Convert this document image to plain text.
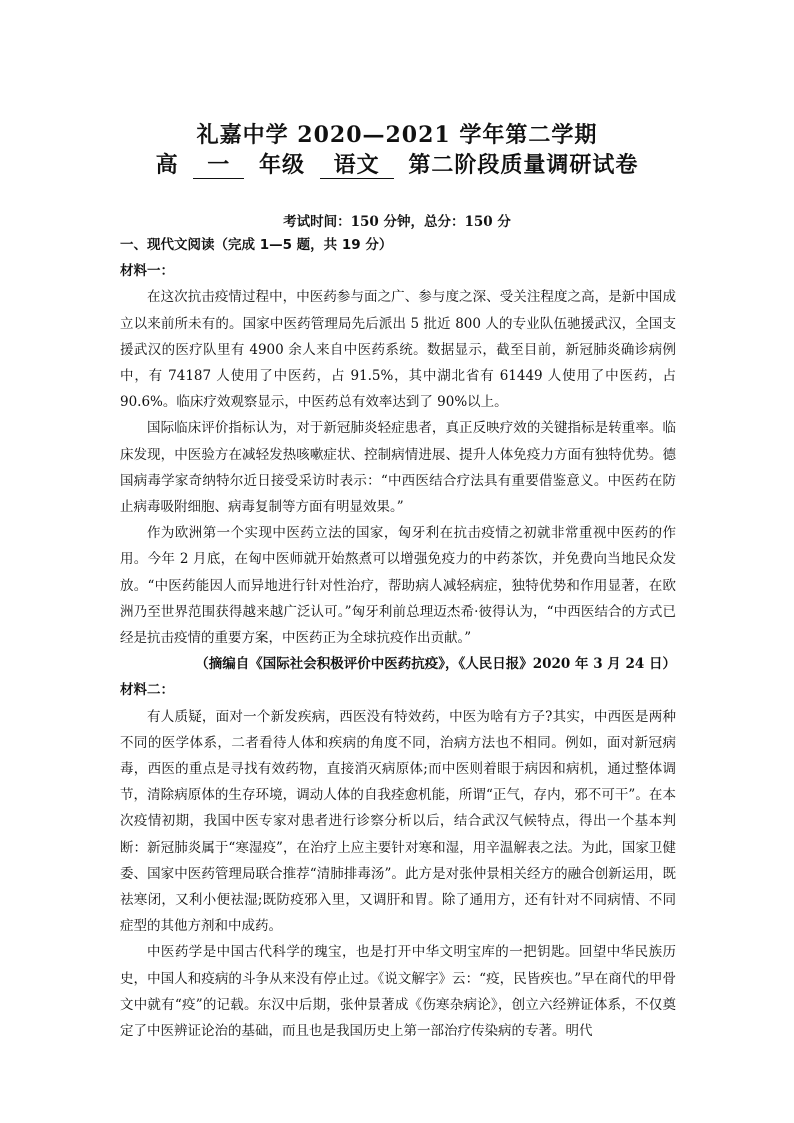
礼嘉中学 2020—2021 学年第二学期
高 一 年级 语文 第二阶段质量调研试卷
考试时间：150 分钟，总分：150 分

一、现代文阅读（完成 1—5 题，共 19 分）

材料一：

在这次抗击疫情过程中，中医药参与面之广、参与度之深、受关注程度之高，是新中国成立以来前所未有的。国家中医药管理局先后派出 5 批近 800 人的专业队伍驰援武汉，全国支援武汉的医疗队里有 4900 余人来自中医药系统。数据显示，截至目前，新冠肺炎确诊病例中，有 74187 人使用了中医药，占 91.5%，其中湖北省有 61449 人使用了中医药，占 90.6%。临床疗效观察显示，中医药总有效率达到了 90%以上。

国际临床评价指标认为，对于新冠肺炎轻症患者，真正反映疗效的关键指标是转重率。临床发现，中医验方在减轻发热咳嗽症状、控制病情进展、提升人体免疫力方面有独特优势。德国病毒学家奇纳特尔近日接受采访时表示：“中西医结合疗法具有重要借鉴意义。中医药在防止病毒吸附细胞、病毒复制等方面有明显效果。”

作为欧洲第一个实现中医药立法的国家，匈牙利在抗击疫情之初就非常重视中医药的作用。今年 2 月底，在匈中医师就开始熬煮可以增强免疫力的中药茶饮，并免费向当地民众发放。“中医药能因人而异地进行针对性治疗，帮助病人减轻病症，独特优势和作用显著，在欧洲乃至世界范围获得越来越广泛认可。”匈牙利前总理迈杰希·彼得认为，“中西医结合的方式已经是抗击疫情的重要方案，中医药正为全球抗疫作出贡献。”

（摘编自《国际社会积极评价中医药抗疫》，《人民日报》2020 年 3 月 24 日）

材料二：

有人质疑，面对一个新发疾病，西医没有特效药，中医为啥有方子?其实，中西医是两种不同的医学体系，二者看待人体和疾病的角度不同，治病方法也不相同。例如，面对新冠病毒，西医的重点是寻找有效药物，直接消灭病原体;而中医则着眼于病因和病机，通过整体调节，清除病原体的生存环境，调动人体的自我痊愈机能，所谓“正气，存内，邪不可干”。在本次疫情初期，我国中医专家对患者进行诊察分析以后，结合武汉气候特点，得出一个基本判断：新冠肺炎属于“寒湿疫”，在治疗上应主要针对寒和湿，用辛温解表之法。为此，国家卫健委、国家中医药管理局联合推荐“清肺排毒汤”。此方是对张仲景相关经方的融合创新运用，既祛寒闭，又利小便祛湿;既防疫邪入里，又调肝和胃。除了通用方，还有针对不同病情、不同症型的其他方剂和中成药。

中医药学是中国古代科学的瑰宝，也是打开中华文明宝库的一把钥匙。回望中华民族历史，中国人和疫病的斗争从来没有停止过。《说文解字》云：“疫，民皆疾也。”早在商代的甲骨文中就有“疫”的记载。东汉中后期，张仲景著成《伤寒杂病论》，创立六经辨证体系，不仅奠定了中医辨证论治的基础，而且也是我国历史上第一部治疗传染病的专著。明代
